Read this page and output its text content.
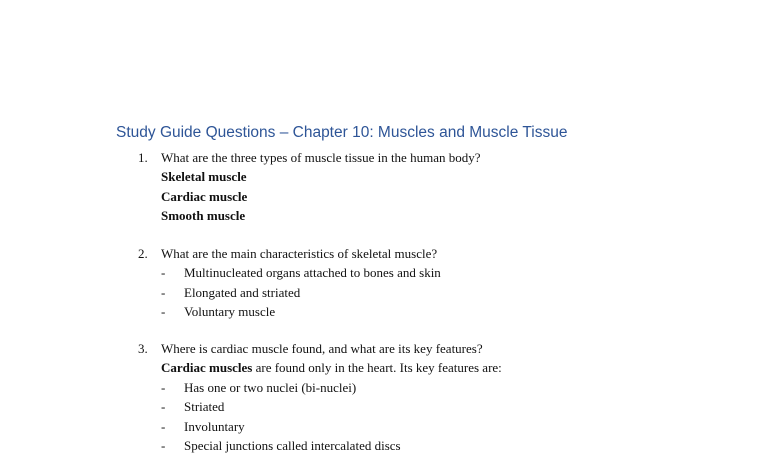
Study Guide Questions – Chapter 10: Muscles and Muscle Tissue
1. What are the three types of muscle tissue in the human body?
Skeletal muscle
Cardiac muscle
Smooth muscle
2. What are the main characteristics of skeletal muscle?
- Multinucleated organs attached to bones and skin
- Elongated and striated
- Voluntary muscle
3. Where is cardiac muscle found, and what are its key features?
Cardiac muscles are found only in the heart. Its key features are:
- Has one or two nuclei (bi-nuclei)
- Striated
- Involuntary
- Special junctions called intercalated discs
